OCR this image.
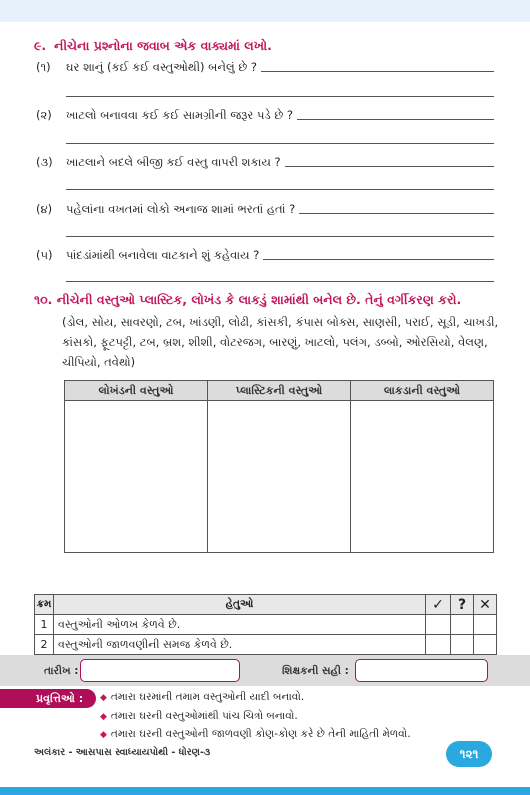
૯. નીચેના પ્રશ્નોના જવાબ એક વાક્યમાં લખો.
(૧)	ઘર શાનું (કઈ કઈ વસ્તુઓથી) બનેલું છે ?
(૨)	ખાટલો બનાવવા કઈ કઈ સામગ્રીની જરૂર પડે છે ?
(૩)	ખાટલાને બદલે બીજી કઈ વસ્તુ વાપરી શકાય ?
(૪)	પહેલાંના વખતમાં લોકો અનાજ શામાં ભરતાં હતાં ?
(૫)	પાંદડાંમાંથી બનાવેલા વાટકાને શું કહેવાય ?
૧૦. નીચેની વસ્તુઓ પ્લાસ્ટિક, લોખંડ કે લાકડું શામાંથી બનેલ છે. તેનું વર્ગીકરણ કરો.
(ડોલ, સોય, સાવરણો, ટબ, ખાંડણી, લોઢી, કાંસકી, કંપાસ બોક્સ, સાણસી, પરાઈ, સૂડી, ચાખડી, કાંસકો, ફૂટપટ્ટી, ટબ, બ્રશ, શીશી, વોટરજગ, બારણું, ખાટલો, પલંગ, ડબ્બો, ઓરસિયો, વેલણ, ચીપિયો, તવેથો)
લોખંડની વસ્તુઓ	પ્લાસ્ટિકની વસ્તુઓ	લાકડાની વસ્તુઓ

ક્રમ	હેતુઓ	✓	?	✕
1	વસ્તુઓની ઓળખ કેળવે છે.			
2	વસ્તુઓની જાળવણીની સમજ કેળવે છે.			
તારીખ :	શિક્ષકની સહી :
પ્રવૃત્તિઓ :	◆ તમારા ઘરમાંની તમામ વસ્તુઓની યાદી બનાવો.
◆ તમારા ઘરની વસ્તુઓમાંથી પાંચ ચિત્રો બનાવો.
◆ તમારા ઘરની વસ્તુઓની જાળવણી કોણ-કોણ કરે છે તેની માહિતી મેળવો.
અલંકાર - આસપાસ સ્વાધ્યાયપોથી - ધોરણ-૩	૧૨૧
